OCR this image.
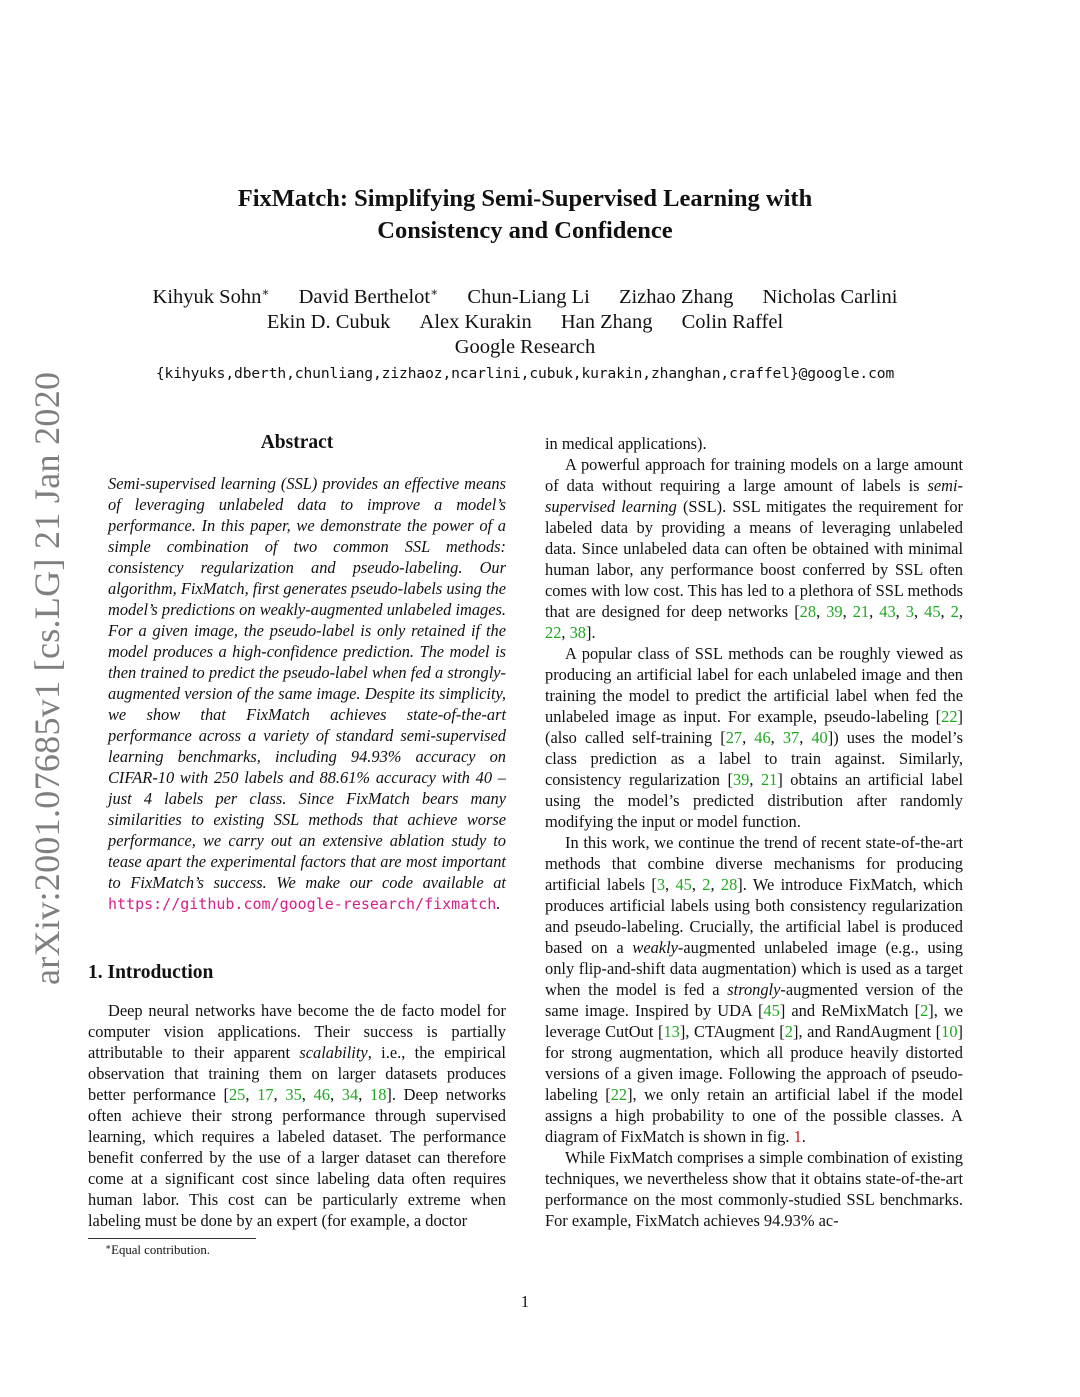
arXiv:2001.07685v1 [cs.LG] 21 Jan 2020
FixMatch: Simplifying Semi-Supervised Learning with
Consistency and Confidence
Kihyuk Sohn∗ David Berthelot∗ Chun-Liang Li Zizhao Zhang Nicholas Carlini
Ekin D. Cubuk Alex Kurakin Han Zhang Colin Raffel
Google Research
{kihyuks,dberth,chunliang,zizhaoz,ncarlini,cubuk,kurakin,zhanghan,craffel}@google.com
Abstract

Semi-supervised learning (SSL) provides an effective means of leveraging unlabeled data to improve a model’s performance. In this paper, we demonstrate the power of a simple combination of two common SSL methods: consistency regularization and pseudo-labeling. Our algorithm, FixMatch, first generates pseudo-labels using the model’s predictions on weakly-augmented unlabeled images. For a given image, the pseudo-label is only retained if the model produces a high-confidence prediction. The model is then trained to predict the pseudo-label when fed a strongly-augmented version of the same image. Despite its simplicity, we show that FixMatch achieves state-of-the-art performance across a variety of standard semi-supervised learning benchmarks, including 94.93% accuracy on CIFAR-10 with 250 labels and 88.61% accuracy with 40 – just 4 labels per class. Since FixMatch bears many similarities to existing SSL methods that achieve worse performance, we carry out an extensive ablation study to tease apart the experimental factors that are most important to FixMatch’s success. We make our code available at https://github.com/google-research/fixmatch.

1. Introduction

Deep neural networks have become the de facto model for computer vision applications. Their success is partially attributable to their apparent scalability, i.e., the empirical observation that training them on larger datasets produces better performance [25, 17, 35, 46, 34, 18]. Deep networks often achieve their strong performance through supervised learning, which requires a labeled dataset. The performance benefit conferred by the use of a larger dataset can therefore come at a significant cost since labeling data often requires human labor. This cost can be particularly extreme when labeling must be done by an expert (for example, a doctor

in medical applications).

A powerful approach for training models on a large amount of data without requiring a large amount of labels is semi-supervised learning (SSL). SSL mitigates the requirement for labeled data by providing a means of leveraging unlabeled data. Since unlabeled data can often be obtained with minimal human labor, any performance boost conferred by SSL often comes with low cost. This has led to a plethora of SSL methods that are designed for deep networks [28, 39, 21, 43, 3, 45, 2, 22, 38].

A popular class of SSL methods can be roughly viewed as producing an artificial label for each unlabeled image and then training the model to predict the artificial label when fed the unlabeled image as input. For example, pseudo-labeling [22] (also called self-training [27, 46, 37, 40]) uses the model’s class prediction as a label to train against. Similarly, consistency regularization [39, 21] obtains an artificial label using the model’s predicted distribution after randomly modifying the input or model function.

In this work, we continue the trend of recent state-of-the-art methods that combine diverse mechanisms for producing artificial labels [3, 45, 2, 28]. We introduce FixMatch, which produces artificial labels using both consistency regularization and pseudo-labeling. Crucially, the artificial label is produced based on a weakly-augmented unlabeled image (e.g., using only flip-and-shift data augmentation) which is used as a target when the model is fed a strongly-augmented version of the same image. Inspired by UDA [45] and ReMixMatch [2], we leverage CutOut [13], CTAugment [2], and RandAugment [10] for strong augmentation, which all produce heavily distorted versions of a given image. Following the approach of pseudo-labeling [22], we only retain an artificial label if the model assigns a high probability to one of the possible classes. A diagram of FixMatch is shown in fig. 1.

While FixMatch comprises a simple combination of existing techniques, we nevertheless show that it obtains state-of-the-art performance on the most commonly-studied SSL benchmarks. For example, FixMatch achieves 94.93% ac-

∗Equal contribution.
1
